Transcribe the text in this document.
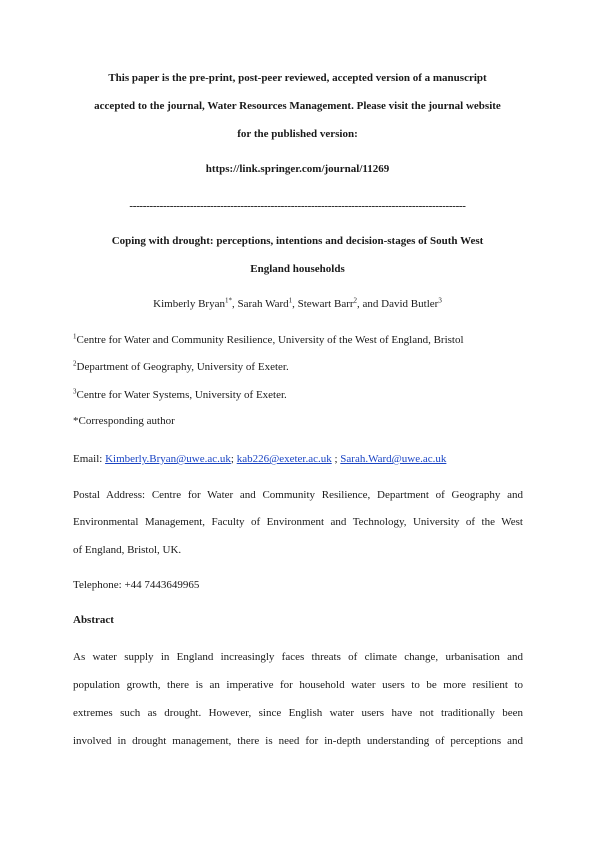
This paper is the pre-print, post-peer reviewed, accepted version of a manuscript
accepted to the journal, Water Resources Management. Please visit the journal website
for the published version:
https://link.springer.com/journal/11269
----------------------------------------------------------------------------------------------------
Coping with drought: perceptions, intentions and decision-stages of South West
England households
Kimberly Bryan$^{1*}$, Sarah Ward$^1$, Stewart Barr$^2$, and David Butler$^3$
$^1$Centre for Water and Community Resilience, University of the West of England, Bristol
$^2$Department of Geography, University of Exeter.
$^3$Centre for Water Systems, University of Exeter.
*Corresponding author
Email: Kimberly.Bryan@uwe.ac.uk; kab226@exeter.ac.uk ; Sarah.Ward@uwe.ac.uk
Postal Address: Centre for Water and Community Resilience, Department of Geography and
Environmental Management, Faculty of Environment and Technology, University of the West
of England, Bristol, UK.
Telephone: +44 7443649965
Abstract
As water supply in England increasingly faces threats of climate change, urbanisation and
population growth, there is an imperative for household water users to be more resilient to
extremes such as drought. However, since English water users have not traditionally been
involved in drought management, there is need for in-depth understanding of perceptions and
